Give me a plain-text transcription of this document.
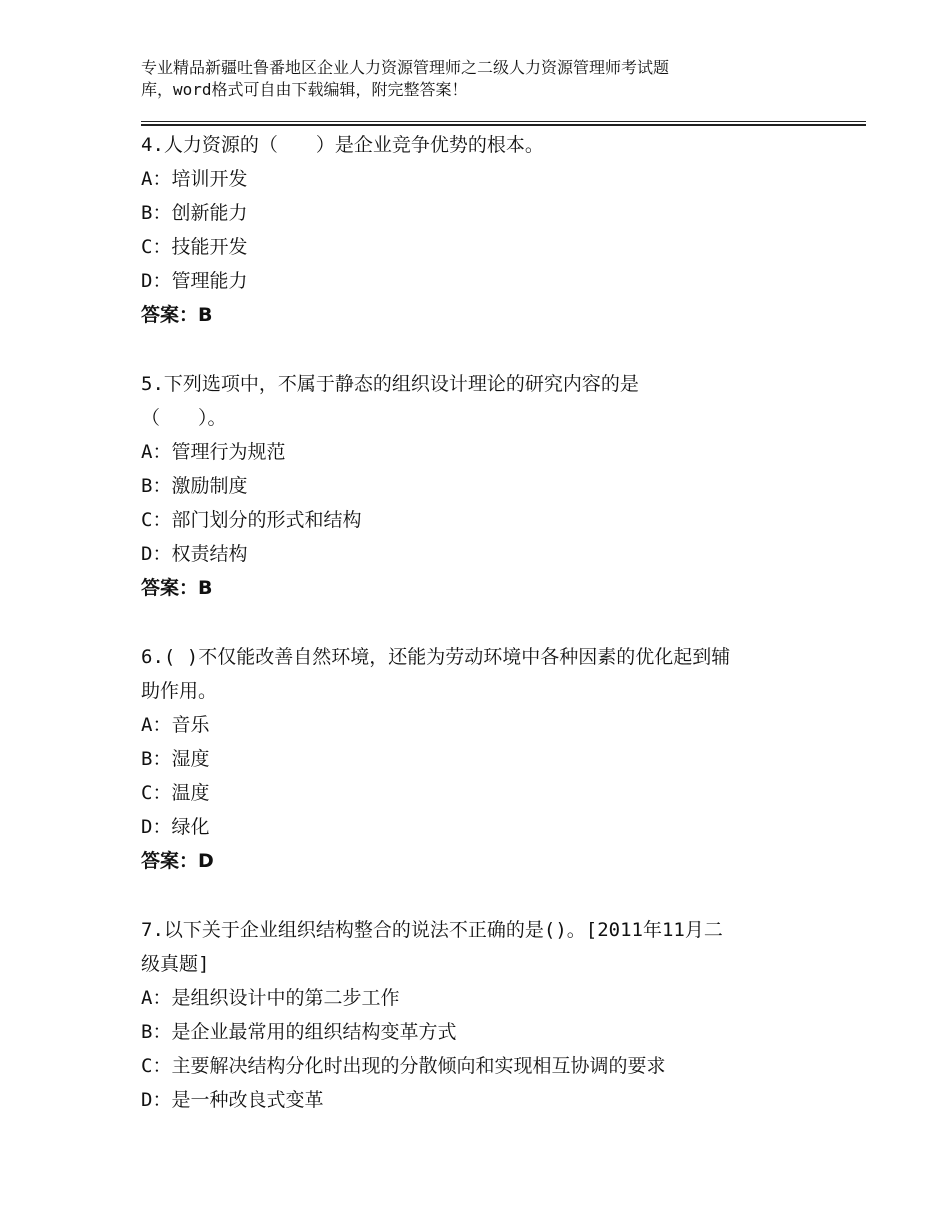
专业精品新疆吐鲁番地区企业人力资源管理师之二级人力资源管理师考试题
库，word格式可自由下载编辑，附完整答案！
4.人力资源的（　　）是企业竞争优势的根本。
A：培训开发
B：创新能力
C：技能开发
D：管理能力
答案：B
5.下列选项中，不属于静态的组织设计理论的研究内容的是
（　　）。
A：管理行为规范
B：激励制度
C：部门划分的形式和结构
D：权责结构
答案：B
6.( )不仅能改善自然环境，还能为劳动环境中各种因素的优化起到辅
助作用。
A：音乐
B：湿度
C：温度
D：绿化
答案：D
7.以下关于企业组织结构整合的说法不正确的是()。[2011年11月二
级真题]
A：是组织设计中的第二步工作
B：是企业最常用的组织结构变革方式
C：主要解决结构分化时出现的分散倾向和实现相互协调的要求
D：是一种改良式变革
